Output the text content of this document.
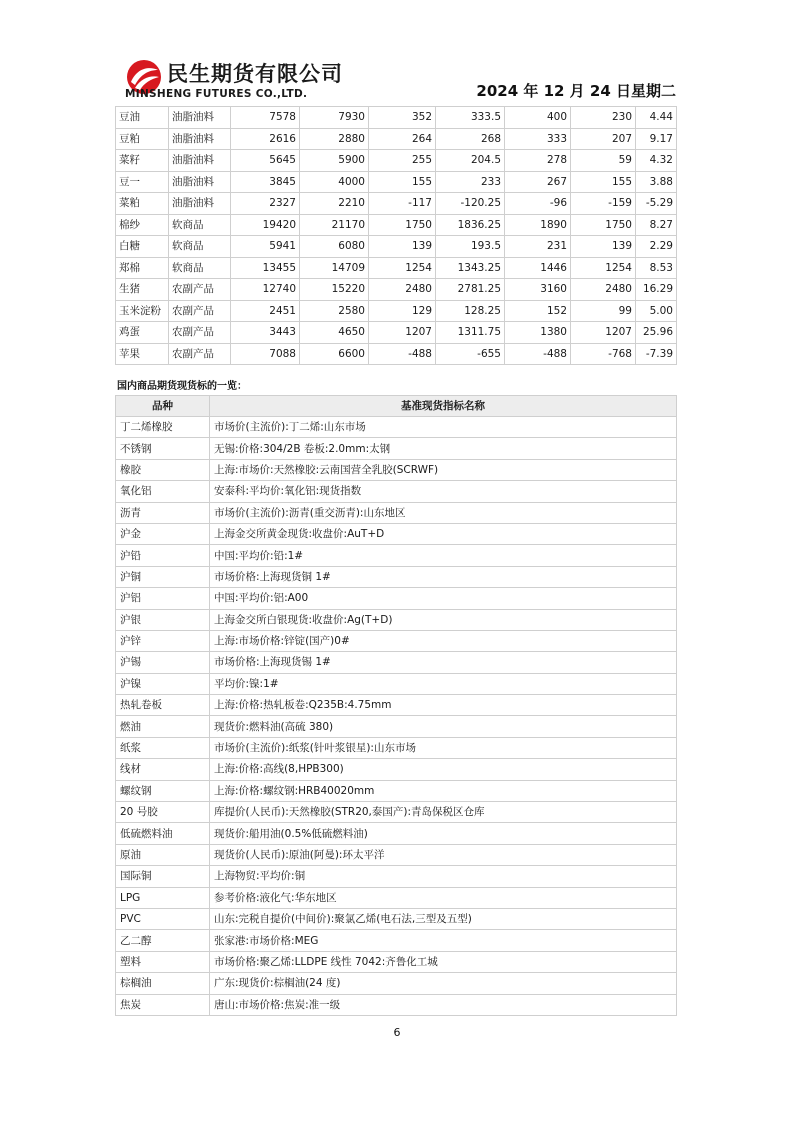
民生期货有限公司
MINSHENG FUTURES CO.,LTD.	2024 年 12 月 24 日星期二
豆油	油脂油料	7578	7930	352	333.5	400	230	4.44
豆粕	油脂油料	2616	2880	264	268	333	207	9.17
菜籽	油脂油料	5645	5900	255	204.5	278	59	4.32
豆一	油脂油料	3845	4000	155	233	267	155	3.88
菜粕	油脂油料	2327	2210	-117	-120.25	-96	-159	-5.29
棉纱	软商品	19420	21170	1750	1836.25	1890	1750	8.27
白糖	软商品	5941	6080	139	193.5	231	139	2.29
郑棉	软商品	13455	14709	1254	1343.25	1446	1254	8.53
生猪	农副产品	12740	15220	2480	2781.25	3160	2480	16.29
玉米淀粉	农副产品	2451	2580	129	128.25	152	99	5.00
鸡蛋	农副产品	3443	4650	1207	1311.75	1380	1207	25.96
苹果	农副产品	7088	6600	-488	-655	-488	-768	-7.39
国内商品期货现货标的一览：
品种	基准现货指标名称
丁二烯橡胶	市场价(主流价):丁二烯:山东市场
不锈钢	无锡:价格:304/2B 卷板:2.0mm:太钢
橡胶	上海:市场价:天然橡胶:云南国营全乳胶(SCRWF)
氧化铝	安泰科:平均价:氧化铝:现货指数
沥青	市场价(主流价):沥青(重交沥青):山东地区
沪金	上海金交所黄金现货:收盘价:AuT+D
沪铅	中国:平均价:铅:1#
沪铜	市场价格:上海现货铜 1#
沪铝	中国:平均价:铝:A00
沪银	上海金交所白银现货:收盘价:Ag(T+D)
沪锌	上海:市场价格:锌锭(国产)0#
沪锡	市场价格:上海现货锡 1#
沪镍	平均价:镍:1#
热轧卷板	上海:价格:热轧板卷:Q235B:4.75mm
燃油	现货价:燃料油(高硫 380)
纸浆	市场价(主流价):纸浆(针叶浆银星):山东市场
线材	上海:价格:高线(8,HPB300)
螺纹钢	上海:价格:螺纹钢:HRB40020mm
20 号胶	库提价(人民币):天然橡胶(STR20,泰国产):青岛保税区仓库
低硫燃料油	现货价:船用油(0.5%低硫燃料油)
原油	现货价(人民币):原油(阿曼):环太平洋
国际铜	上海物贸:平均价:铜
LPG	参考价格:液化气:华东地区
PVC	山东:完税自提价(中间价):聚氯乙烯(电石法,三型及五型)
乙二醇	张家港:市场价格:MEG
塑料	市场价格:聚乙烯:LLDPE 线性 7042:齐鲁化工城
棕榈油	广东:现货价:棕榈油(24 度)
焦炭	唐山:市场价格:焦炭:准一级
6
